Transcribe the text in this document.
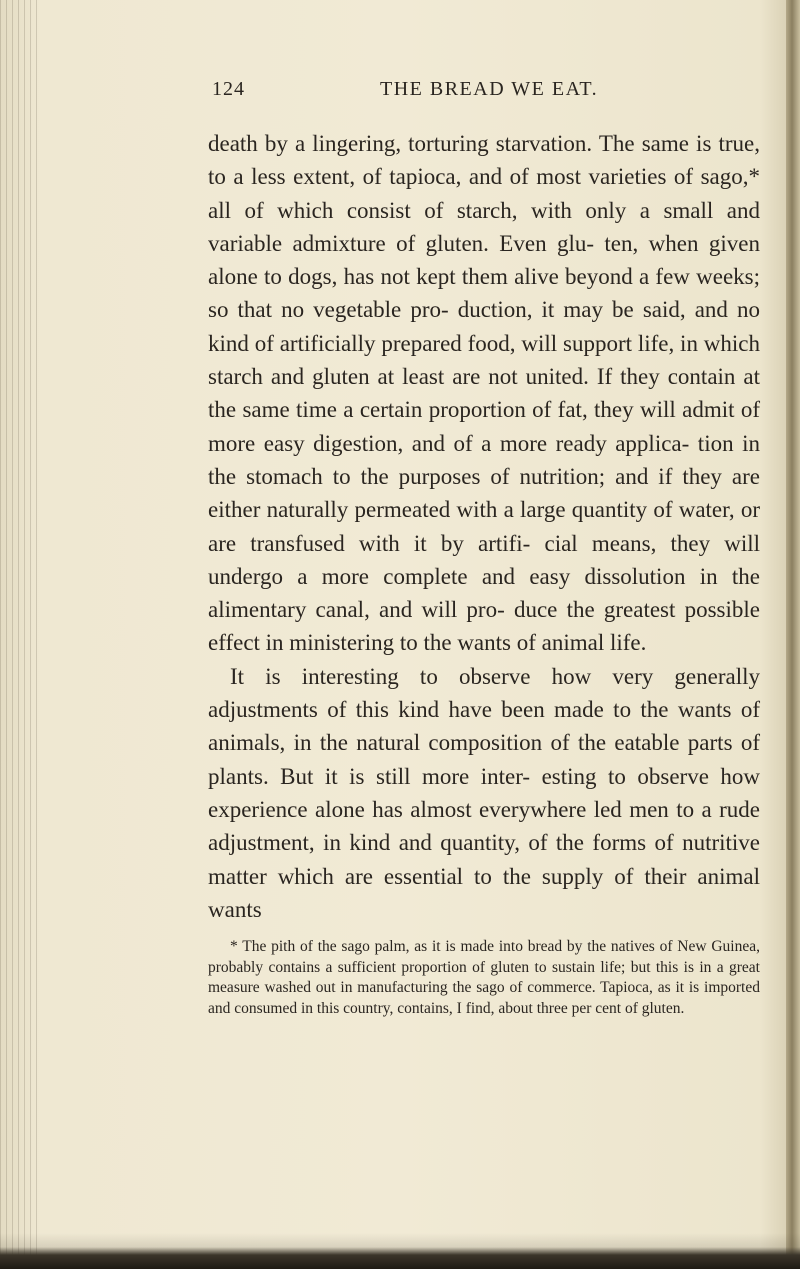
124	THE BREAD WE EAT.

death by a lingering, torturing starvation. The same is true, to a less extent, of tapioca, and of most varieties of sago,* all of which consist of starch, with only a small and variable admixture of gluten. Even glu- ten, when given alone to dogs, has not kept them alive beyond a few weeks; so that no vegetable pro- duction, it may be said, and no kind of artificially prepared food, will support life, in which starch and gluten at least are not united. If they contain at the same time a certain proportion of fat, they will admit of more easy digestion, and of a more ready applica- tion in the stomach to the purposes of nutrition; and if they are either naturally permeated with a large quantity of water, or are transfused with it by artifi- cial means, they will undergo a more complete and easy dissolution in the alimentary canal, and will pro- duce the greatest possible effect in ministering to the wants of animal life.

It is interesting to observe how very generally adjustments of this kind have been made to the wants of animals, in the natural composition of the eatable parts of plants. But it is still more inter- esting to observe how experience alone has almost everywhere led men to a rude adjustment, in kind and quantity, of the forms of nutritive matter which are essential to the supply of their animal wants

* The pith of the sago palm, as it is made into bread by the natives of New Guinea, probably contains a sufficient proportion of gluten to sustain life; but this is in a great measure washed out in manufacturing the sago of commerce. Tapioca, as it is imported and consumed in this country, contains, I find, about three per cent of gluten.
